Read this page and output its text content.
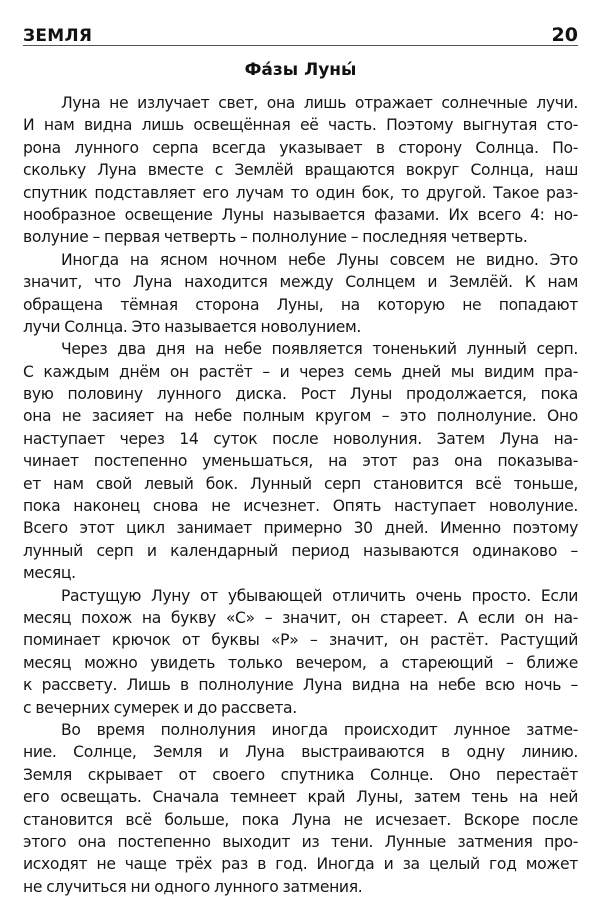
ЗЕМЛЯ	20
Фа́зы Луны́
Луна не излучает свет, она лишь отражает солнечные лучи.
И нам видна лишь освещённая её часть. Поэтому выгнутая сто-
рона лунного серпа всегда указывает в сторону Солнца. По-
скольку Луна вместе с Землёй вращаются вокруг Солнца, наш
спутник подставляет его лучам то один бок, то другой. Такое раз-
нообразное освещение Луны называется фазами. Их всего 4: но-
волуние – первая четверть – полнолуние – последняя четверть.
Иногда на ясном ночном небе Луны совсем не видно. Это
значит, что Луна находится между Солнцем и Землёй. К нам
обращена тёмная сторона Луны, на которую не попадают
лучи Солнца. Это называется новолунием.
Через два дня на небе появляется тоненький лунный серп.
С каждым днём он растёт – и через семь дней мы видим пра-
вую половину лунного диска. Рост Луны продолжается, пока
она не засияет на небе полным кругом – это полнолуние. Оно
наступает через 14 суток после новолуния. Затем Луна на-
чинает постепенно уменьшаться, на этот раз она показыва-
ет нам свой левый бок. Лунный серп становится всё тоньше,
пока наконец снова не исчезнет. Опять наступает новолуние.
Всего этот цикл занимает примерно 30 дней. Именно поэтому
лунный серп и календарный период называются одинаково –
месяц.
Растущую Луну от убывающей отличить очень просто. Если
месяц похож на букву «С» – значит, он стареет. А если он на-
поминает крючок от буквы «Р» – значит, он растёт. Растущий
месяц можно увидеть только вечером, а стареющий – ближе
к рассвету. Лишь в полнолуние Луна видна на небе всю ночь –
с вечерних сумерек и до рассвета.
Во время полнолуния иногда происходит лунное затме-
ние. Солнце, Земля и Луна выстраиваются в одну линию.
Земля скрывает от своего спутника Солнце. Оно перестаёт
его освещать. Сначала темнеет край Луны, затем тень на ней
становится всё больше, пока Луна не исчезает. Вскоре после
этого она постепенно выходит из тени. Лунные затмения про-
исходят не чаще трёх раз в год. Иногда и за целый год может
не случиться ни одного лунного затмения.
